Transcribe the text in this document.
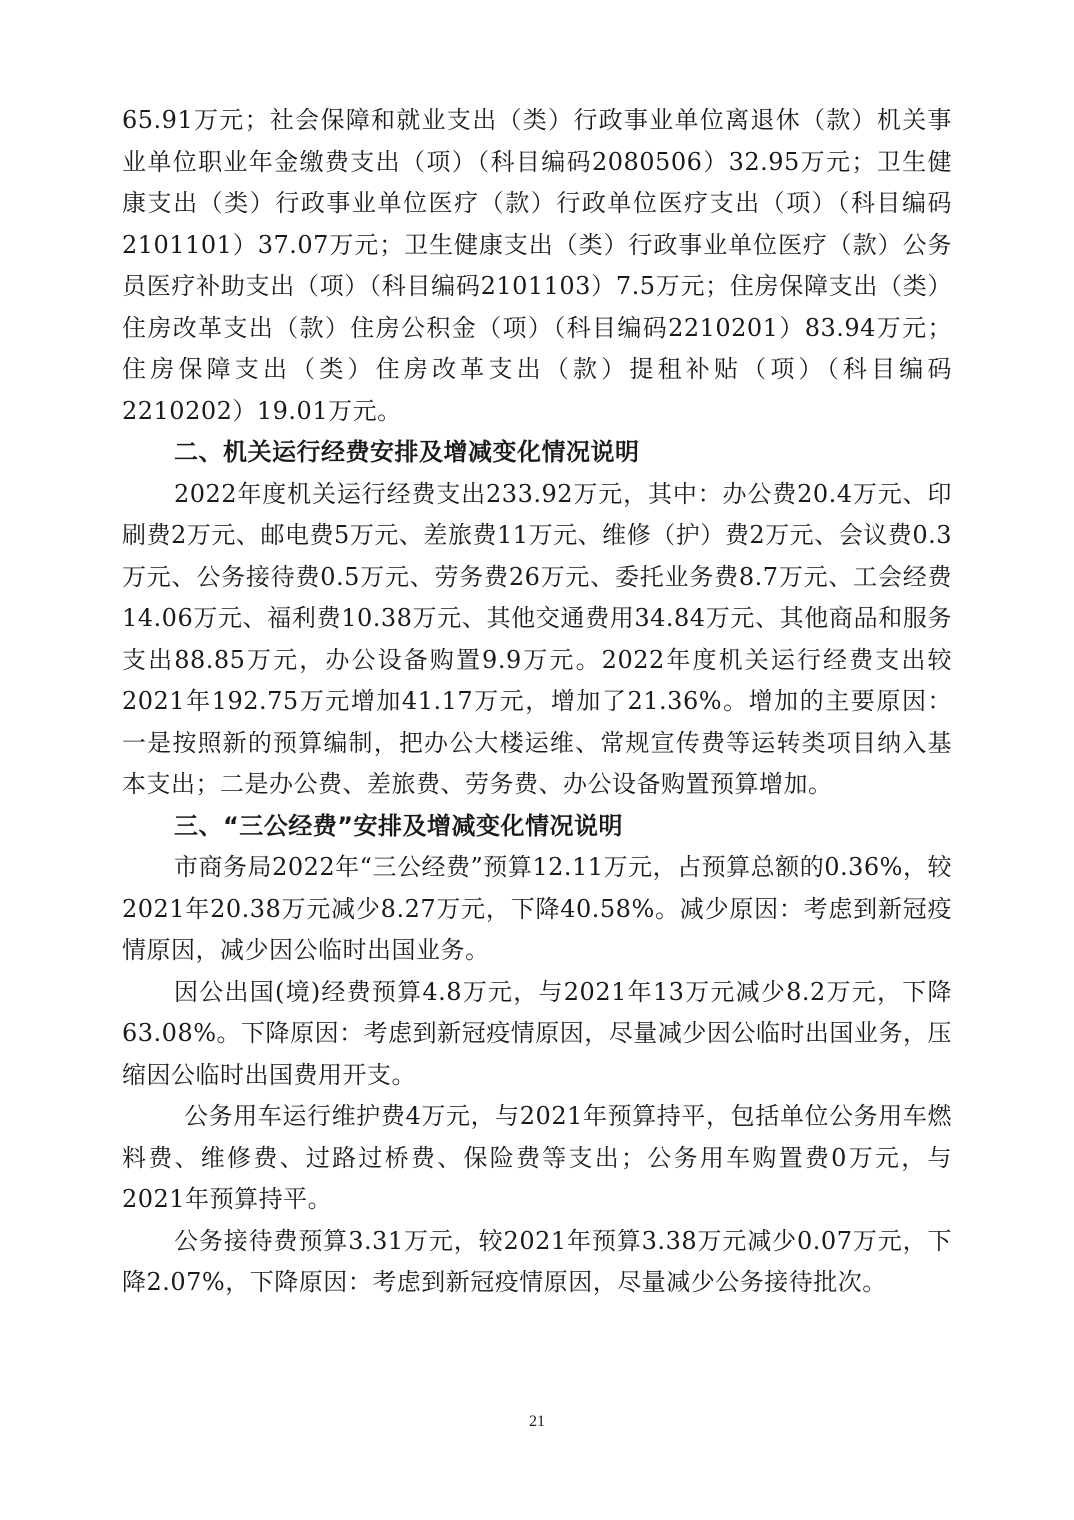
65.91万元；社会保障和就业支出（类）行政事业单位离退休（款）机关事业单位职业年金缴费支出（项）（科目编码2080506）32.95万元；卫生健康支出（类）行政事业单位医疗（款）行政单位医疗支出（项）（科目编码2101101）37.07万元；卫生健康支出（类）行政事业单位医疗（款）公务员医疗补助支出（项）（科目编码2101103）7.5万元；住房保障支出（类）住房改革支出（款）住房公积金（项）（科目编码2210201）83.94万元；住房保障支出（类）住房改革支出（款）提租补贴（项）（科目编码2210202）19.01万元。

二、机关运行经费安排及增减变化情况说明

2022年度机关运行经费支出233.92万元，其中：办公费20.4万元、印刷费2万元、邮电费5万元、差旅费11万元、维修（护）费2万元、会议费0.3万元、公务接待费0.5万元、劳务费26万元、委托业务费8.7万元、工会经费14.06万元、福利费10.38万元、其他交通费用34.84万元、其他商品和服务支出88.85万元，办公设备购置9.9万元。2022年度机关运行经费支出较2021年192.75万元增加41.17万元，增加了21.36%。增加的主要原因：一是按照新的预算编制，把办公大楼运维、常规宣传费等运转类项目纳入基本支出；二是办公费、差旅费、劳务费、办公设备购置预算增加。

三、“三公经费”安排及增减变化情况说明

市商务局2022年“三公经费”预算12.11万元，占预算总额的0.36%，较2021年20.38万元减少8.27万元，下降40.58%。减少原因：考虑到新冠疫情原因，减少因公临时出国业务。

因公出国(境)经费预算4.8万元，与2021年13万元减少8.2万元，下降63.08%。下降原因：考虑到新冠疫情原因，尽量减少因公临时出国业务，压缩因公临时出国费用开支。

公务用车运行维护费4万元，与2021年预算持平，包括单位公务用车燃料费、维修费、过路过桥费、保险费等支出；公务用车购置费0万元，与2021年预算持平。

公务接待费预算3.31万元，较2021年预算3.38万元减少0.07万元，下降2.07%，下降原因：考虑到新冠疫情原因，尽量减少公务接待批次。

21
